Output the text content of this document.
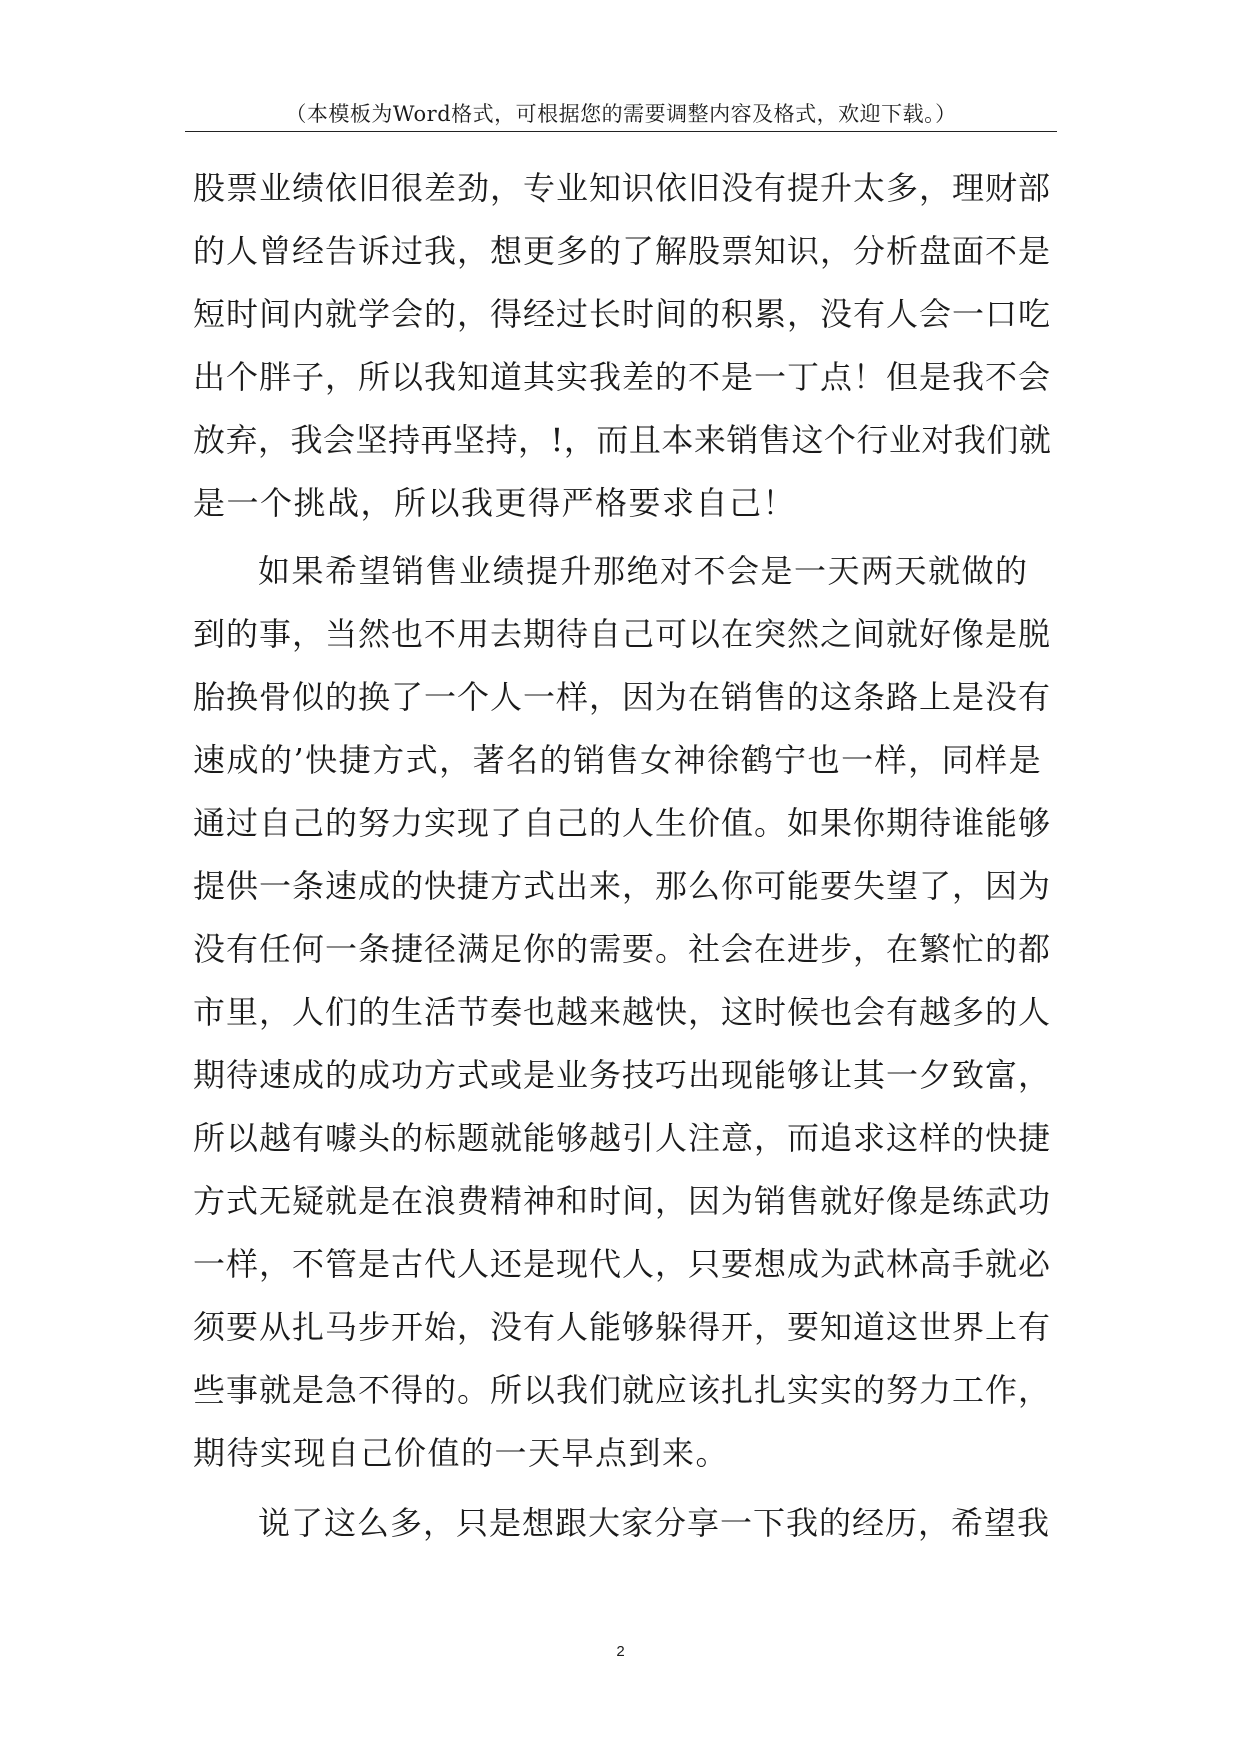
（本模板为Word格式，可根据您的需要调整内容及格式，欢迎下载。）
股票业绩依旧很差劲，专业知识依旧没有提升太多，理财部
的人曾经告诉过我，想更多的了解股票知识，分析盘面不是
短时间内就学会的，得经过长时间的积累，没有人会一口吃
出个胖子，所以我知道其实我差的不是一丁点！但是我不会
放弃，我会坚持再坚持，!，而且本来销售这个行业对我们就
是一个挑战，所以我更得严格要求自己！
如果希望销售业绩提升那绝对不会是一天两天就做的
到的事，当然也不用去期待自己可以在突然之间就好像是脱
胎换骨似的换了一个人一样，因为在销售的这条路上是没有
速成的’快捷方式，著名的销售女神徐鹤宁也一样，同样是
通过自己的努力实现了自己的人生价值。如果你期待谁能够
提供一条速成的快捷方式出来，那么你可能要失望了，因为
没有任何一条捷径满足你的需要。社会在进步，在繁忙的都
市里，人们的生活节奏也越来越快，这时候也会有越多的人
期待速成的成功方式或是业务技巧出现能够让其一夕致富，
所以越有噱头的标题就能够越引人注意，而追求这样的快捷
方式无疑就是在浪费精神和时间，因为销售就好像是练武功
一样，不管是古代人还是现代人，只要想成为武林高手就必
须要从扎马步开始，没有人能够躲得开，要知道这世界上有
些事就是急不得的。所以我们就应该扎扎实实的努力工作，
期待实现自己价值的一天早点到来。
说了这么多，只是想跟大家分享一下我的经历，希望我
2
